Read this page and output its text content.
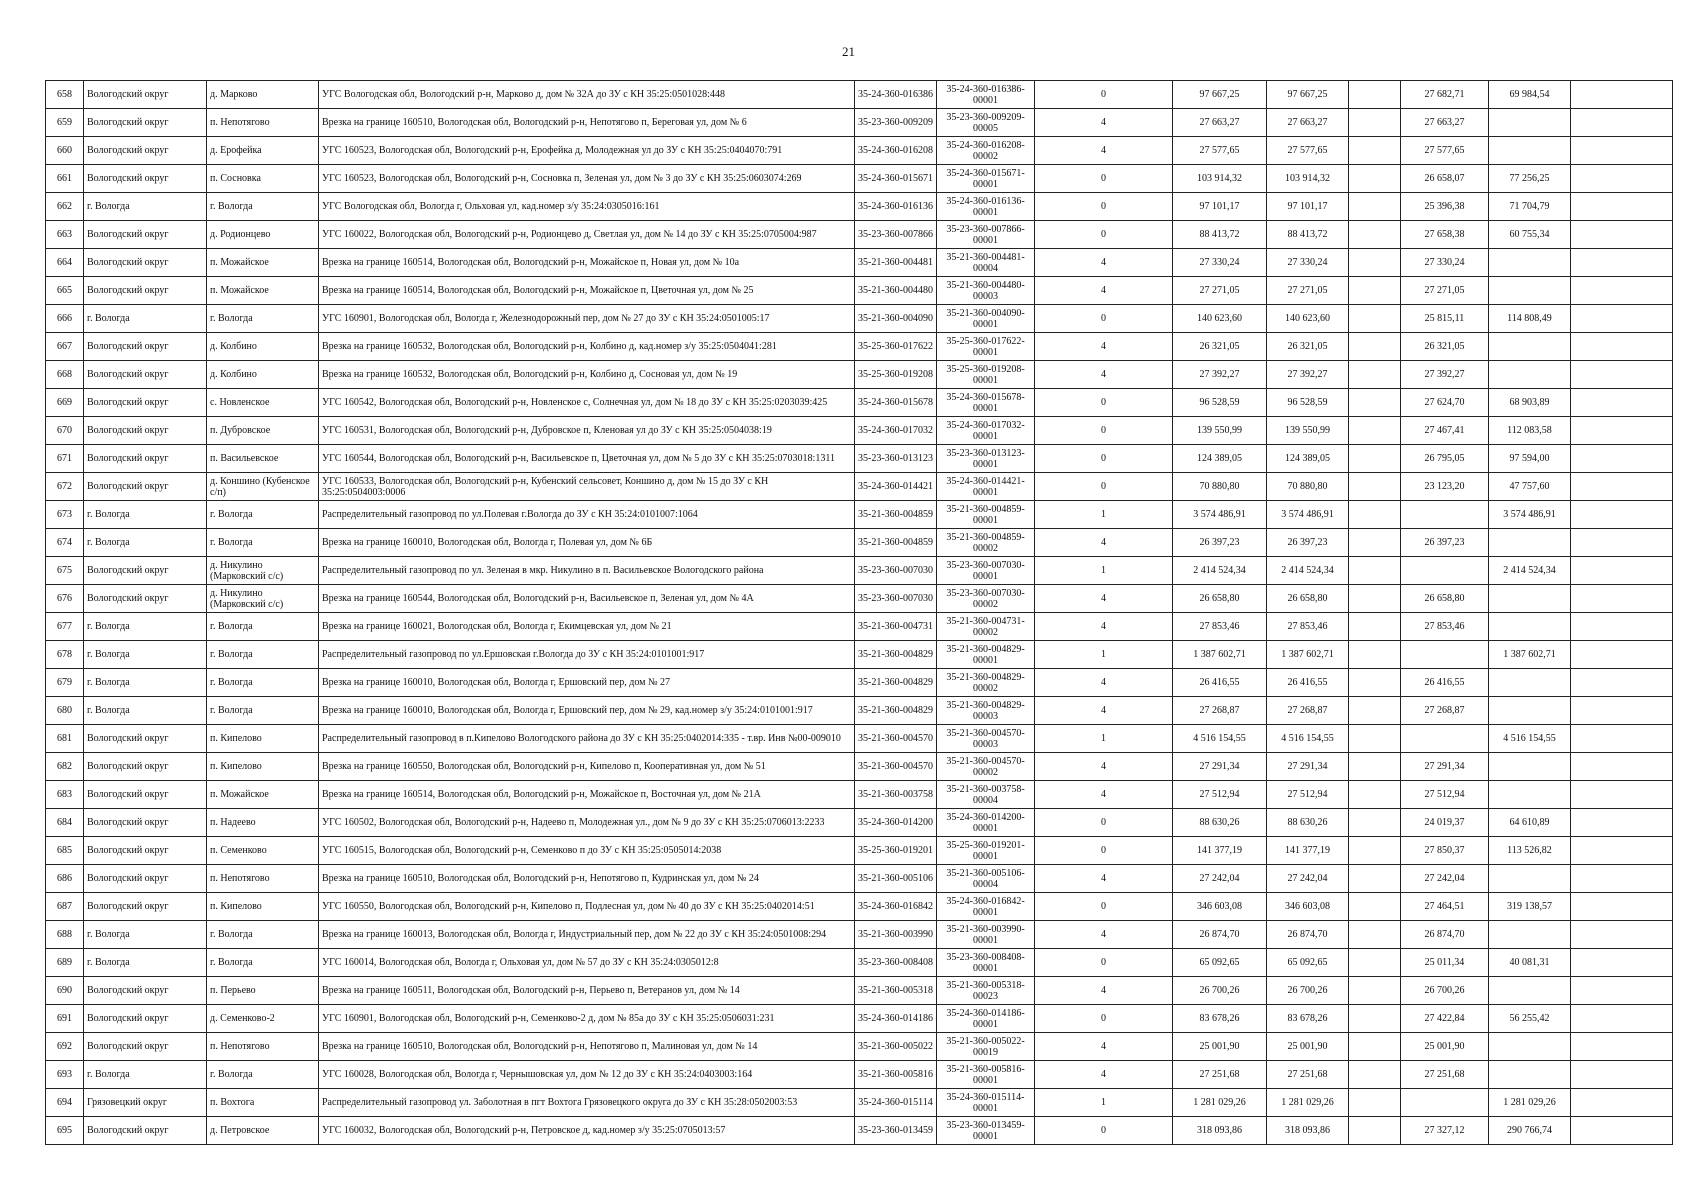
21
658	Вологодский округ	д. Марково	УГС Вологодская обл, Вологодский р-н, Марково д, дом № 32А до ЗУ с КН 35:25:0501028:448	35-24-360-016386	35-24-360-016386-00001	0	97 667,25	97 667,25		27 682,71	69 984,54	
659	Вологодский округ	п. Непотягово	Врезка на границе 160510, Вологодская обл, Вологодский р-н, Непотягово п, Береговая ул, дом № 6	35-23-360-009209	35-23-360-009209-00005	4	27 663,27	27 663,27		27 663,27		
660	Вологодский округ	д. Ерофейка	УГС 160523, Вологодская обл, Вологодский р-н, Ерофейка д, Молодежная ул до ЗУ с КН 35:25:0404070:791	35-24-360-016208	35-24-360-016208-00002	4	27 577,65	27 577,65		27 577,65		
661	Вологодский округ	п. Сосновка	УГС 160523, Вологодская обл, Вологодский р-н, Сосновка п, Зеленая ул, дом № 3 до ЗУ с КН 35:25:0603074:269	35-24-360-015671	35-24-360-015671-00001	0	103 914,32	103 914,32		26 658,07	77 256,25	
662	г. Вологда	г. Вологда	УГС Вологодская обл, Вологда г, Ольховая ул, кад.номер з/у 35:24:0305016:161	35-24-360-016136	35-24-360-016136-00001	0	97 101,17	97 101,17		25 396,38	71 704,79	
663	Вологодский округ	д. Родионцево	УГС 160022, Вологодская обл, Вологодский р-н, Родионцево д, Светлая ул, дом № 14 до ЗУ с КН 35:25:0705004:987	35-23-360-007866	35-23-360-007866-00001	0	88 413,72	88 413,72		27 658,38	60 755,34	
664	Вологодский округ	п. Можайское	Врезка на границе 160514, Вологодская обл, Вологодский р-н, Можайское п, Новая ул, дом № 10а	35-21-360-004481	35-21-360-004481-00004	4	27 330,24	27 330,24		27 330,24		
665	Вологодский округ	п. Можайское	Врезка на границе 160514, Вологодская обл, Вологодский р-н, Можайское п, Цветочная ул, дом № 25	35-21-360-004480	35-21-360-004480-00003	4	27 271,05	27 271,05		27 271,05		
666	г. Вологда	г. Вологда	УГС 160901, Вологодская обл, Вологда г, Железнодорожный пер, дом № 27 до ЗУ с КН 35:24:0501005:17	35-21-360-004090	35-21-360-004090-00001	0	140 623,60	140 623,60		25 815,11	114 808,49	
667	Вологодский округ	д. Колбино	Врезка на границе 160532, Вологодская обл, Вологодский р-н, Колбино д, кад.номер з/у 35:25:0504041:281	35-25-360-017622	35-25-360-017622-00001	4	26 321,05	26 321,05		26 321,05		
668	Вологодский округ	д. Колбино	Врезка на границе 160532, Вологодская обл, Вологодский р-н, Колбино д, Сосновая ул, дом № 19	35-25-360-019208	35-25-360-019208-00001	4	27 392,27	27 392,27		27 392,27		
669	Вологодский округ	с. Новленское	УГС 160542, Вологодская обл, Вологодский р-н, Новленское с, Солнечная ул, дом № 18 до ЗУ с КН 35:25:0203039:425	35-24-360-015678	35-24-360-015678-00001	0	96 528,59	96 528,59		27 624,70	68 903,89	
670	Вологодский округ	п. Дубровское	УГС 160531, Вологодская обл, Вологодский р-н, Дубровское п, Кленовая ул до ЗУ с КН 35:25:0504038:19	35-24-360-017032	35-24-360-017032-00001	0	139 550,99	139 550,99		27 467,41	112 083,58	
671	Вологодский округ	п. Васильевское	УГС 160544, Вологодская обл, Вологодский р-н, Васильевское п, Цветочная ул, дом № 5 до ЗУ с КН 35:25:0703018:1311	35-23-360-013123	35-23-360-013123-00001	0	124 389,05	124 389,05		26 795,05	97 594,00	
672	Вологодский округ	д. Коншино (Кубенское с/п)	УГС 160533, Вологодская обл, Вологодский р-н, Кубенский сельсовет, Коншино д, дом № 15 до ЗУ с КН 35:25:0504003:0006	35-24-360-014421	35-24-360-014421-00001	0	70 880,80	70 880,80		23 123,20	47 757,60	
673	г. Вологда	г. Вологда	Распределительный газопровод по ул.Полевая г.Вологда до ЗУ с КН 35:24:0101007:1064	35-21-360-004859	35-21-360-004859-00001	1	3 574 486,91	3 574 486,91			3 574 486,91	
674	г. Вологда	г. Вологда	Врезка на границе 160010, Вологодская обл, Вологда г, Полевая ул, дом № 6Б	35-21-360-004859	35-21-360-004859-00002	4	26 397,23	26 397,23		26 397,23		
675	Вологодский округ	д. Никулино (Марковский с/с)	Распределительный газопровод по ул. Зеленая в мкр. Никулино в п. Васильевское Вологодского района	35-23-360-007030	35-23-360-007030-00001	1	2 414 524,34	2 414 524,34			2 414 524,34	
676	Вологодский округ	д. Никулино (Марковский с/с)	Врезка на границе 160544, Вологодская обл, Вологодский р-н, Васильевское п, Зеленая ул, дом № 4А	35-23-360-007030	35-23-360-007030-00002	4	26 658,80	26 658,80		26 658,80		
677	г. Вологда	г. Вологда	Врезка на границе 160021, Вологодская обл, Вологда г, Екимцевская ул, дом № 21	35-21-360-004731	35-21-360-004731-00002	4	27 853,46	27 853,46		27 853,46		
678	г. Вологда	г. Вологда	Распределительный газопровод по ул.Ершовская г.Вологда до ЗУ с КН 35:24:0101001:917	35-21-360-004829	35-21-360-004829-00001	1	1 387 602,71	1 387 602,71			1 387 602,71	
679	г. Вологда	г. Вологда	Врезка на границе 160010, Вологодская обл, Вологда г, Ершовский пер, дом № 27	35-21-360-004829	35-21-360-004829-00002	4	26 416,55	26 416,55		26 416,55		
680	г. Вологда	г. Вологда	Врезка на границе 160010, Вологодская обл, Вологда г, Ершовский пер, дом № 29, кад.номер з/у 35:24:0101001:917	35-21-360-004829	35-21-360-004829-00003	4	27 268,87	27 268,87		27 268,87		
681	Вологодский округ	п. Кипелово	Распределительный газопровод в п.Кипелово Вологодского района до ЗУ с КН 35:25:0402014:335 - т.вр. Инв №00-009010	35-21-360-004570	35-21-360-004570-00003	1	4 516 154,55	4 516 154,55			4 516 154,55	
682	Вологодский округ	п. Кипелово	Врезка на границе 160550, Вологодская обл, Вологодский р-н, Кипелово п, Кооперативная ул, дом № 51	35-21-360-004570	35-21-360-004570-00002	4	27 291,34	27 291,34		27 291,34		
683	Вологодский округ	п. Можайское	Врезка на границе 160514, Вологодская обл, Вологодский р-н, Можайское п, Восточная ул, дом № 21А	35-21-360-003758	35-21-360-003758-00004	4	27 512,94	27 512,94		27 512,94		
684	Вологодский округ	п. Надеево	УГС 160502, Вологодская обл, Вологодский р-н, Надеево п, Молодежная ул., дом № 9 до ЗУ с КН 35:25:0706013:2233	35-24-360-014200	35-24-360-014200-00001	0	88 630,26	88 630,26		24 019,37	64 610,89	
685	Вологодский округ	п. Семенково	УГС 160515, Вологодская обл, Вологодский р-н, Семенково п до ЗУ с КН 35:25:0505014:2038	35-25-360-019201	35-25-360-019201-00001	0	141 377,19	141 377,19		27 850,37	113 526,82	
686	Вологодский округ	п. Непотягово	Врезка на границе 160510, Вологодская обл, Вологодский р-н, Непотягово п, Кудринская ул, дом № 24	35-21-360-005106	35-21-360-005106-00004	4	27 242,04	27 242,04		27 242,04		
687	Вологодский округ	п. Кипелово	УГС 160550, Вологодская обл, Вологодский р-н, Кипелово п, Подлесная ул, дом № 40 до ЗУ с КН 35:25:0402014:51	35-24-360-016842	35-24-360-016842-00001	0	346 603,08	346 603,08		27 464,51	319 138,57	
688	г. Вологда	г. Вологда	Врезка на границе 160013, Вологодская обл, Вологда г, Индустриальный пер, дом № 22 до ЗУ с КН 35:24:0501008:294	35-21-360-003990	35-21-360-003990-00001	4	26 874,70	26 874,70		26 874,70		
689	г. Вологда	г. Вологда	УГС 160014, Вологодская обл, Вологда г, Ольховая ул, дом № 57 до ЗУ с КН 35:24:0305012:8	35-23-360-008408	35-23-360-008408-00001	0	65 092,65	65 092,65		25 011,34	40 081,31	
690	Вологодский округ	п. Перьево	Врезка на границе 160511, Вологодская обл, Вологодский р-н, Перьево п, Ветеранов ул, дом № 14	35-21-360-005318	35-21-360-005318-00023	4	26 700,26	26 700,26		26 700,26		
691	Вологодский округ	д. Семенково-2	УГС 160901, Вологодская обл, Вологодский р-н, Семенково-2 д, дом № 85а до ЗУ с КН 35:25:0506031:231	35-24-360-014186	35-24-360-014186-00001	0	83 678,26	83 678,26		27 422,84	56 255,42	
692	Вологодский округ	п. Непотягово	Врезка на границе 160510, Вологодская обл, Вологодский р-н, Непотягово п, Малиновая ул, дом № 14	35-21-360-005022	35-21-360-005022-00019	4	25 001,90	25 001,90		25 001,90		
693	г. Вологда	г. Вологда	УГС 160028, Вологодская обл, Вологда г, Чернышовская ул, дом № 12 до ЗУ с КН 35:24:0403003:164	35-21-360-005816	35-21-360-005816-00001	4	27 251,68	27 251,68		27 251,68		
694	Грязовецкий округ	п. Вохтога	Распределительный газопровод ул. Заболотная в пгт Вохтога Грязовецкого округа до ЗУ с КН 35:28:0502003:53	35-24-360-015114	35-24-360-015114-00001	1	1 281 029,26	1 281 029,26			1 281 029,26	
695	Вологодский округ	д. Петровское	УГС 160032, Вологодская обл, Вологодский р-н, Петровское д, кад.номер з/у 35:25:0705013:57	35-23-360-013459	35-23-360-013459-00001	0	318 093,86	318 093,86		27 327,12	290 766,74	
